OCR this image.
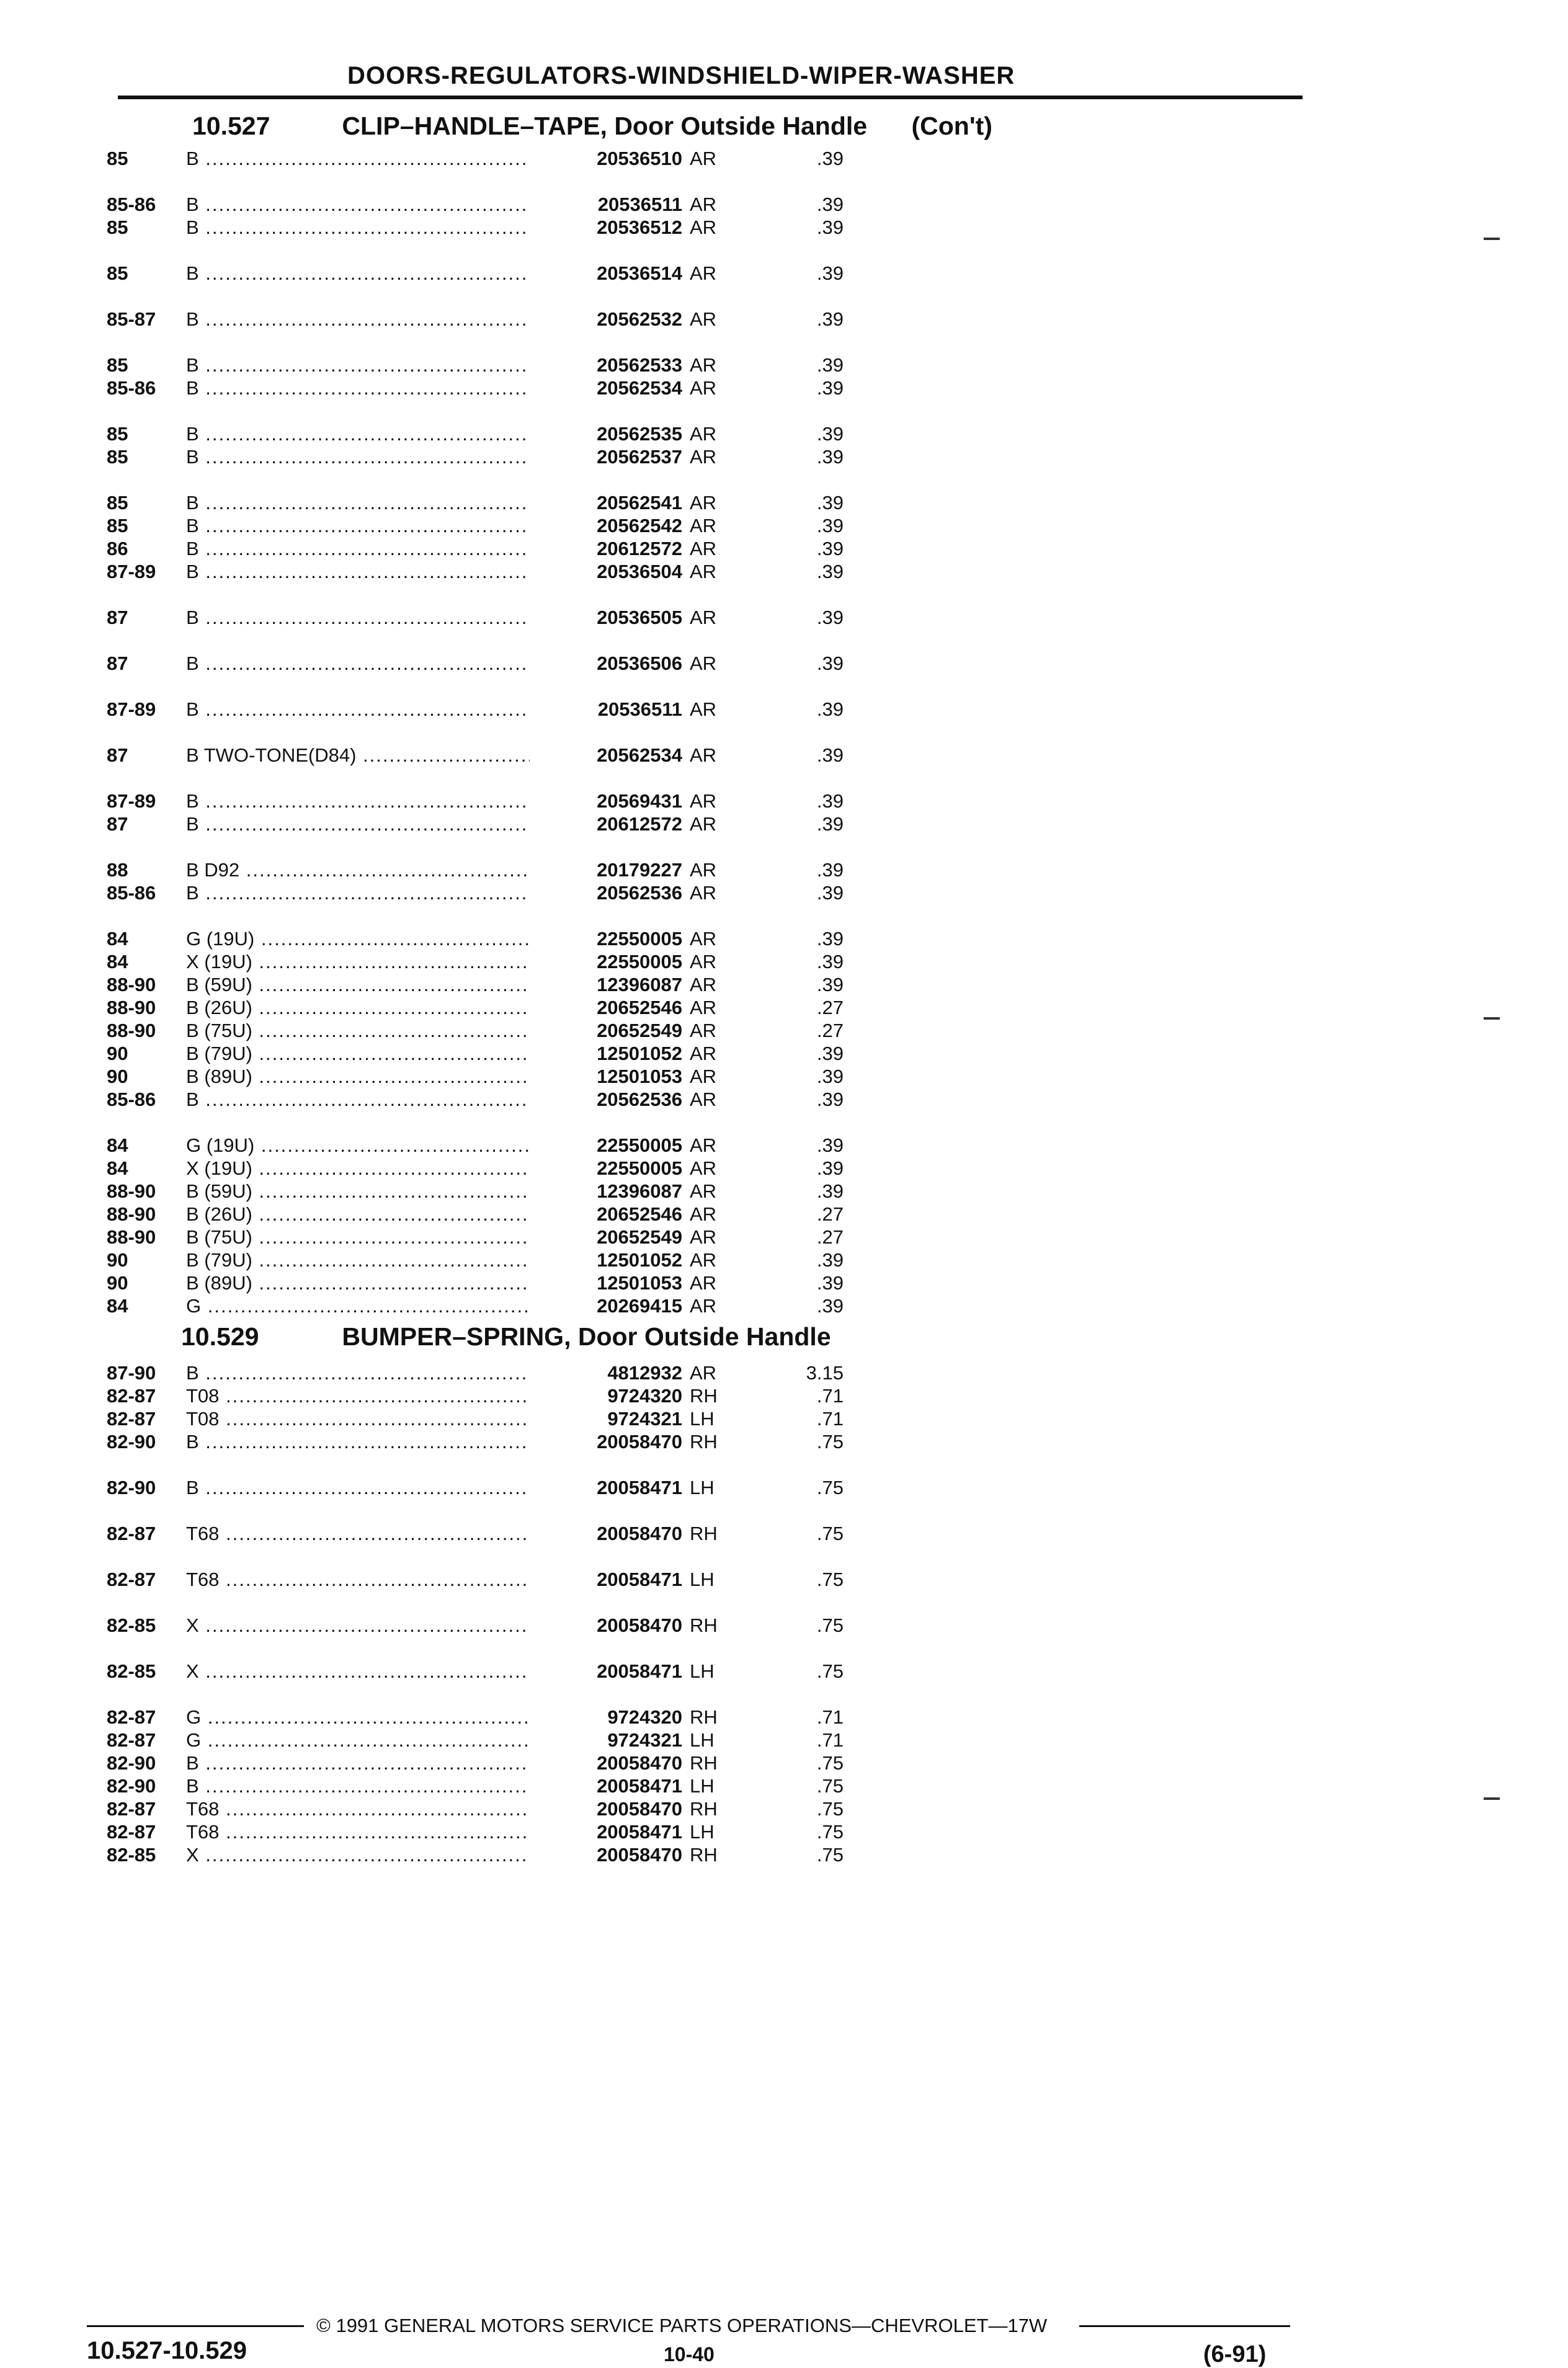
DOORS-REGULATORS-WINDSHIELD-WIPER-WASHER
10.527	CLIP–HANDLE–TAPE, Door Outside Handle (Con't)
10.529	BUMPER–SPRING, Door Outside Handle
85	B .....	20536510 AR	.39
85-86	B .....	20536511 AR	.39
85	B .....	20536512 AR	.39
85	B .....	20536514 AR	.39
85-87	B .....	20562532 AR	.39
85	B .....	20562533 AR	.39
85-86	B .....	20562534 AR	.39
85	B .....	20562535 AR	.39
85	B .....	20562537 AR	.39
85	B .....	20562541 AR	.39
85	B .....	20562542 AR	.39
86	B .....	20612572 AR	.39
87-89	B .....	20536504 AR	.39
87	B .....	20536505 AR	.39
87	B .....	20536506 AR	.39
87-89	B .....	20536511 AR	.39
87	B TWO-TONE(D84) .....	20562534 AR	.39
87-89	B .....	20569431 AR	.39
87	B .....	20612572 AR	.39
88	B D92 .....	20179227 AR	.39
85-86	B .....	20562536 AR	.39
84	G (19U) .....	22550005 AR	.39
84	X (19U) .....	22550005 AR	.39
88-90	B (59U) .....	12396087 AR	.39
88-90	B (26U) .....	20652546 AR	.27
88-90	B (75U) .....	20652549 AR	.27
90	B (79U) .....	12501052 AR	.39
90	B (89U) .....	12501053 AR	.39
85-86	B .....	20562536 AR	.39
84	G (19U) .....	22550005 AR	.39
84	X (19U) .....	22550005 AR	.39
88-90	B (59U) .....	12396087 AR	.39
88-90	B (26U) .....	20652546 AR	.27
88-90	B (75U) .....	20652549 AR	.27
90	B (79U) .....	12501052 AR	.39
90	B (89U) .....	12501053 AR	.39
84	G .....	20269415 AR	.39
87-90	B .....	4812932 AR	3.15
82-87	T08 .....	9724320 RH	.71
82-87	T08 .....	9724321 LH	.71
82-90	B .....	20058470 RH	.75
82-90	B .....	20058471 LH	.75
82-87	T68 .....	20058470 RH	.75
82-87	T68 .....	20058471 LH	.75
82-85	X .....	20058470 RH	.75
82-85	X .....	20058471 LH	.75
82-87	G .....	9724320 RH	.71
82-87	G .....	9724321 LH	.71
82-90	B .....	20058470 RH	.75
82-90	B .....	20058471 LH	.75
82-87	T68 .....	20058470 RH	.75
82-87	T68 .....	20058471 LH	.75
82-85	X .....	20058470 RH	.75
© 1991 GENERAL MOTORS SERVICE PARTS OPERATIONS—CHEVROLET—17W
10.527-10.529	10-40	(6-91)
